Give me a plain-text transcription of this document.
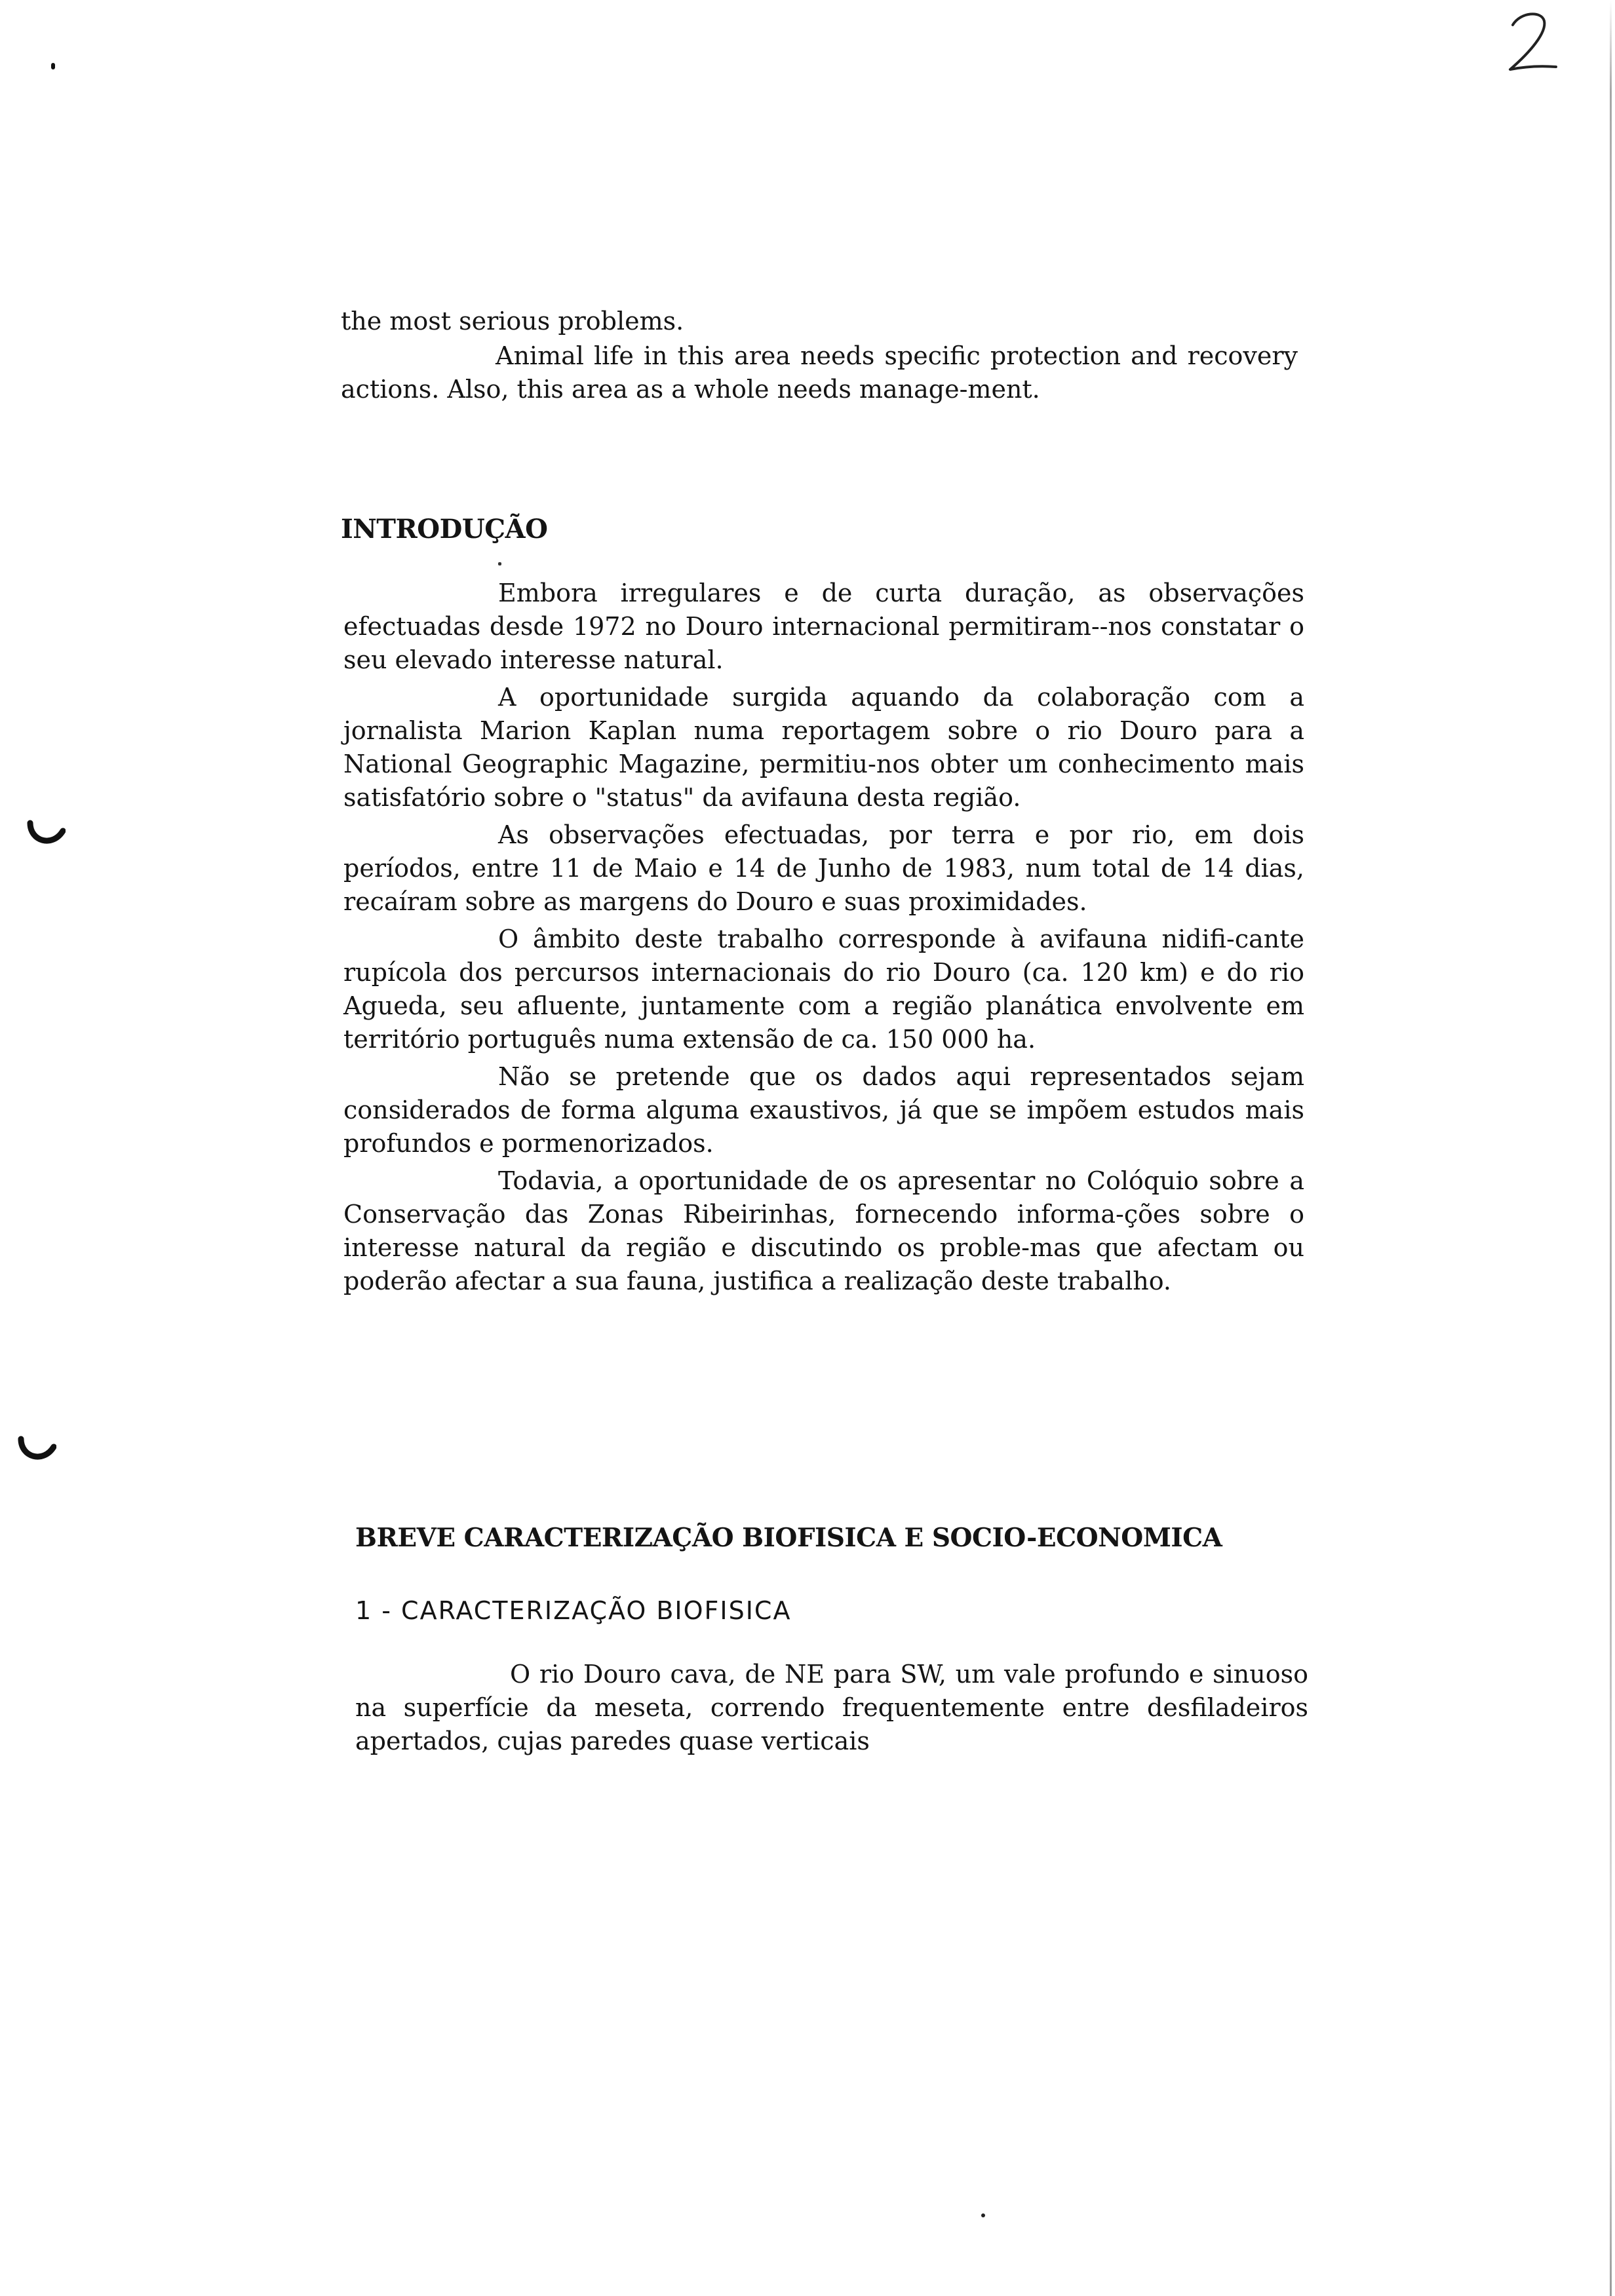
the most serious problems.

Animal life in this area needs specific protection and recovery actions. Also, this area as a whole needs manage-ment.

INTRODUÇÃO

Embora irregulares e de curta duração, as observações efectuadas desde 1972 no Douro internacional permitiram--nos constatar o seu elevado interesse natural.

A oportunidade surgida aquando da colaboração com a jornalista Marion Kaplan numa reportagem sobre o rio Douro para a National Geographic Magazine, permitiu-nos obter um conhecimento mais satisfatório sobre o "status" da avifauna desta região.

As observações efectuadas, por terra e por rio, em dois períodos, entre 11 de Maio e 14 de Junho de 1983, num total de 14 dias, recaíram sobre as margens do Douro e suas proximidades.

O âmbito deste trabalho corresponde à avifauna nidifi-cante rupícola dos percursos internacionais do rio Douro (ca. 120 km) e do rio Agueda, seu afluente, juntamente com a região planática envolvente em território português numa extensão de ca. 150 000 ha.

Não se pretende que os dados aqui representados sejam considerados de forma alguma exaustivos, já que se impõem estudos mais profundos e pormenorizados.

Todavia, a oportunidade de os apresentar no Colóquio sobre a Conservação das Zonas Ribeirinhas, fornecendo informa-ções sobre o interesse natural da região e discutindo os proble-mas que afectam ou poderão afectar a sua fauna, justifica a realização deste trabalho.

BREVE CARACTERIZAÇÃO BIOFISICA E SOCIO-ECONOMICA
1 - CARACTERIZAÇÃO BIOFISICA

O rio Douro cava, de NE para SW, um vale profundo e sinuoso na superfície da meseta, correndo frequentemente entre desfiladeiros apertados, cujas paredes quase verticais
